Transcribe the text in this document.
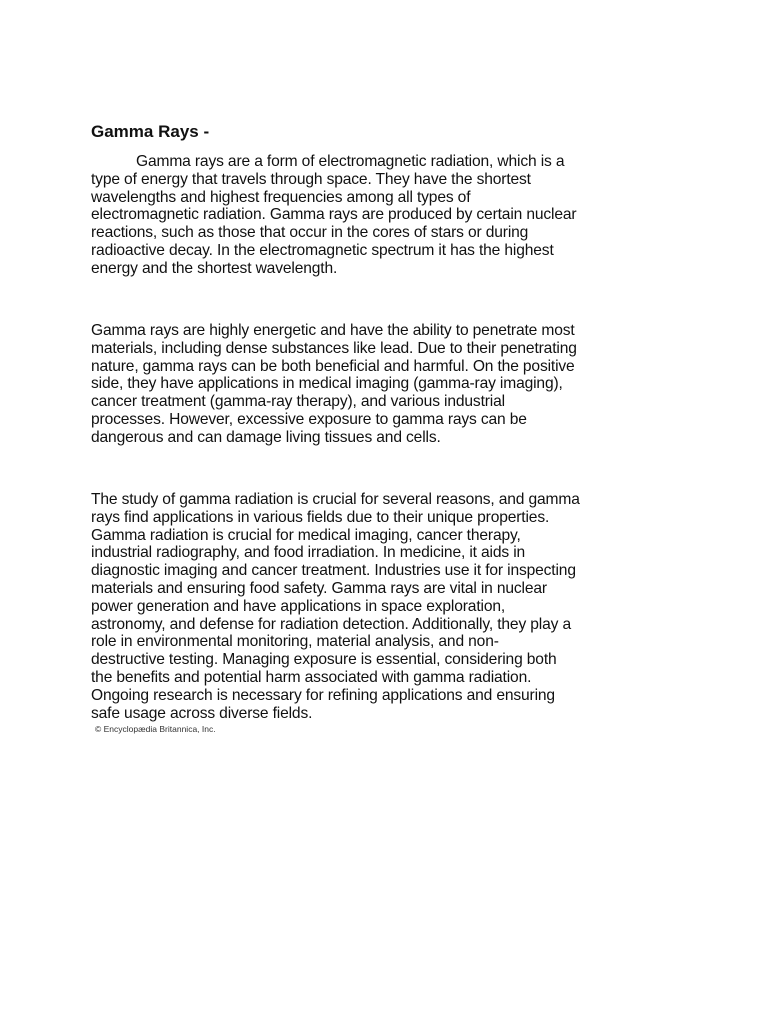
Gamma Rays -

Gamma rays are a form of electromagnetic radiation, which is a
type of energy that travels through space. They have the shortest
wavelengths and highest frequencies among all types of
electromagnetic radiation. Gamma rays are produced by certain nuclear
reactions, such as those that occur in the cores of stars or during
radioactive decay. In the electromagnetic spectrum it has the highest
energy and the shortest wavelength.

Gamma rays are highly energetic and have the ability to penetrate most
materials, including dense substances like lead. Due to their penetrating
nature, gamma rays can be both beneficial and harmful. On the positive
side, they have applications in medical imaging (gamma-ray imaging),
cancer treatment (gamma-ray therapy), and various industrial
processes. However, excessive exposure to gamma rays can be
dangerous and can damage living tissues and cells.

The study of gamma radiation is crucial for several reasons, and gamma
rays find applications in various fields due to their unique properties.
Gamma radiation is crucial for medical imaging, cancer therapy,
industrial radiography, and food irradiation. In medicine, it aids in
diagnostic imaging and cancer treatment. Industries use it for inspecting
materials and ensuring food safety. Gamma rays are vital in nuclear
power generation and have applications in space exploration,
astronomy, and defense for radiation detection. Additionally, they play a
role in environmental monitoring, material analysis, and non-
destructive testing. Managing exposure is essential, considering both
the benefits and potential harm associated with gamma radiation.
Ongoing research is necessary for refining applications and ensuring
safe usage across diverse fields.

© Encyclopædia Britannica, Inc.
